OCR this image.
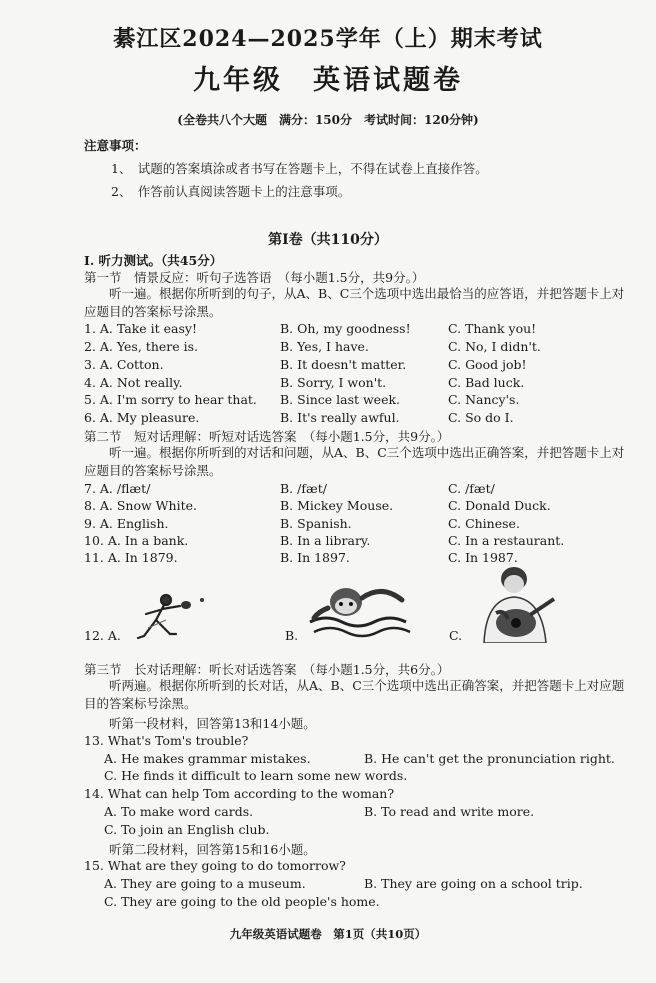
綦江区2024—2025学年（上）期末考试
九年级　英语试题卷
(全卷共八个大题　满分：150分　考试时间：120分钟)
注意事项：
1、　试题的答案填涂或者书写在答题卡上，不得在试卷上直接作答。
2、　作答前认真阅读答题卡上的注意事项。
第Ⅰ卷（共110分）
I. 听力测试。（共45分）
第一节　情景反应：听句子选答语　（每小题1.5分，共9分。）
听一遍。根据你所听到的句子，从A、B、C三个选项中选出最恰当的应答语，并把答题卡上对应题目的答案标号涂黑。
1. A. Take it easy!	B. Oh, my goodness!	C. Thank you!
2. A. Yes, there is.	B. Yes, I have.	C. No, I didn't.
3. A. Cotton.	B. It doesn't matter.	C. Good job!
4. A. Not really.	B. Sorry, I won't.	C. Bad luck.
5. A. I'm sorry to hear that. B. Since last week.	C. Nancy's.
6. A. My pleasure.	B. It's really awful.	C. So do I.
第二节　短对话理解：听短对话选答案　（每小题1.5分，共9分。）
听一遍。根据你所听到的对话和问题，从A、B、C三个选项中选出正确答案，并把答题卡上对应题目的答案标号涂黑。
7. A. /flæt/	B. /fæt/	C. /fæt/
8. A. Snow White.	B. Mickey Mouse.	C. Donald Duck.
9. A. English.	B. Spanish.	C. Chinese.
10. A. In a bank.	B. In a library.	C. In a restaurant.
11. A. In 1879.	B. In 1897.	C. In 1987.
12. A.	B.	C.
第三节　长对话理解：听长对话选答案　（每小题1.5分，共6分。）
听两遍。根据你所听到的长对话，从A、B、C三个选项中选出正确答案，并把答题卡上对应题目的答案标号涂黑。
听第一段材料，回答第13和14小题。
13. What's Tom's trouble?
A. He makes grammar mistakes.	B. He can't get the pronunciation right.
C. He finds it difficult to learn some new words.
14. What can help Tom according to the woman?
A. To make word cards.	B. To read and write more.
C. To join an English club.
听第二段材料，回答第15和16小题。
15. What are they going to do tomorrow?
A. They are going to a museum.	B. They are going on a school trip.
C. They are going to the old people's home.
九年级英语试题卷　第1页（共10页）
